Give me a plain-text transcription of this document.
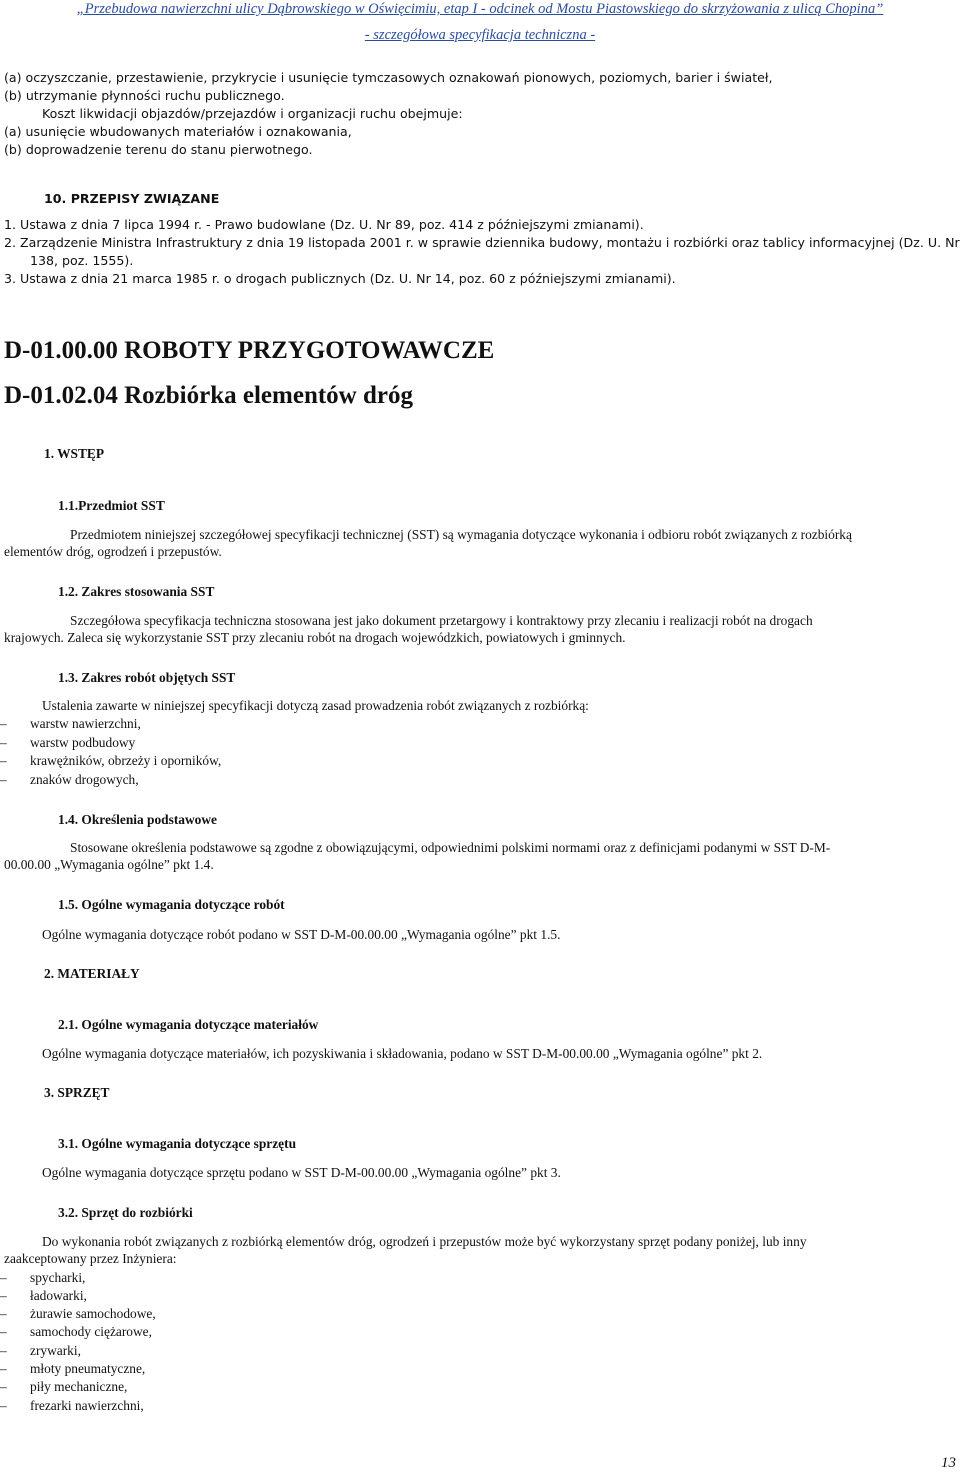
„Przebudowa nawierzchni ulicy Dąbrowskiego w Oświęcimiu, etap I - odcinek od Mostu Piastowskiego do skrzyżowania z ulicą Chopina”
- szczegółowa specyfikacja techniczna -
(a) oczyszczanie, przestawienie, przykrycie i usunięcie tymczasowych oznakowań pionowych, poziomych, barier i świateł,
(b) utrzymanie płynności ruchu publicznego.
Koszt likwidacji objazdów/przejazdów i organizacji ruchu obejmuje:
(a) usunięcie wbudowanych materiałów i oznakowania,
(b) doprowadzenie terenu do stanu pierwotnego.
10. PRZEPISY ZWIĄZANE
1. Ustawa z dnia 7 lipca 1994 r. - Prawo budowlane (Dz. U. Nr 89, poz. 414 z późniejszymi zmianami).
2. Zarządzenie Ministra Infrastruktury z dnia 19 listopada 2001 r. w sprawie dziennika budowy, montażu i rozbiórki oraz tablicy informacyjnej (Dz. U. Nr
138, poz. 1555).
3. Ustawa z dnia 21 marca 1985 r. o drogach publicznych (Dz. U. Nr 14, poz. 60 z późniejszymi zmianami).
D-01.00.00 ROBOTY PRZYGOTOWAWCZE
D-01.02.04 Rozbiórka elementów dróg
1. WSTĘP
1.1.Przedmiot SST
Przedmiotem niniejszej szczegółowej specyfikacji technicznej (SST) są wymagania dotyczące wykonania i odbioru robót związanych z rozbiórką
elementów dróg, ogrodzeń i przepustów.
1.2. Zakres stosowania SST
Szczegółowa specyfikacja techniczna stosowana jest jako dokument przetargowy i kontraktowy przy zlecaniu i realizacji robót na drogach
krajowych. Zaleca się wykorzystanie SST przy zlecaniu robót na drogach wojewódzkich, powiatowych i gminnych.
1.3. Zakres robót objętych SST
Ustalenia zawarte w niniejszej specyfikacji dotyczą zasad prowadzenia robót związanych z rozbiórką:
–	warstw nawierzchni,
–	warstw podbudowy
–	krawężników, obrzeży i oporników,
–	znaków drogowych,
1.4. Określenia podstawowe
Stosowane określenia podstawowe są zgodne z obowiązującymi, odpowiednimi polskimi normami oraz z definicjami podanymi w SST D-M-
00.00.00 „Wymagania ogólne” pkt 1.4.
1.5. Ogólne wymagania dotyczące robót
Ogólne wymagania dotyczące robót podano w SST D-M-00.00.00 „Wymagania ogólne” pkt 1.5.
2. MATERIAŁY
2.1. Ogólne wymagania dotyczące materiałów
Ogólne wymagania dotyczące materiałów, ich pozyskiwania i składowania, podano w SST D-M-00.00.00 „Wymagania ogólne” pkt 2.
3. SPRZĘT
3.1. Ogólne wymagania dotyczące sprzętu
Ogólne wymagania dotyczące sprzętu podano w SST D-M-00.00.00 „Wymagania ogólne” pkt 3.
3.2. Sprzęt do rozbiórki
Do wykonania robót związanych z rozbiórką elementów dróg, ogrodzeń i przepustów może być wykorzystany sprzęt podany poniżej, lub inny
zaakceptowany przez Inżyniera:
–	spycharki,
–	ładowarki,
–	żurawie samochodowe,
–	samochody ciężarowe,
–	zrywarki,
–	młoty pneumatyczne,
–	piły mechaniczne,
–	frezarki nawierzchni,
13
